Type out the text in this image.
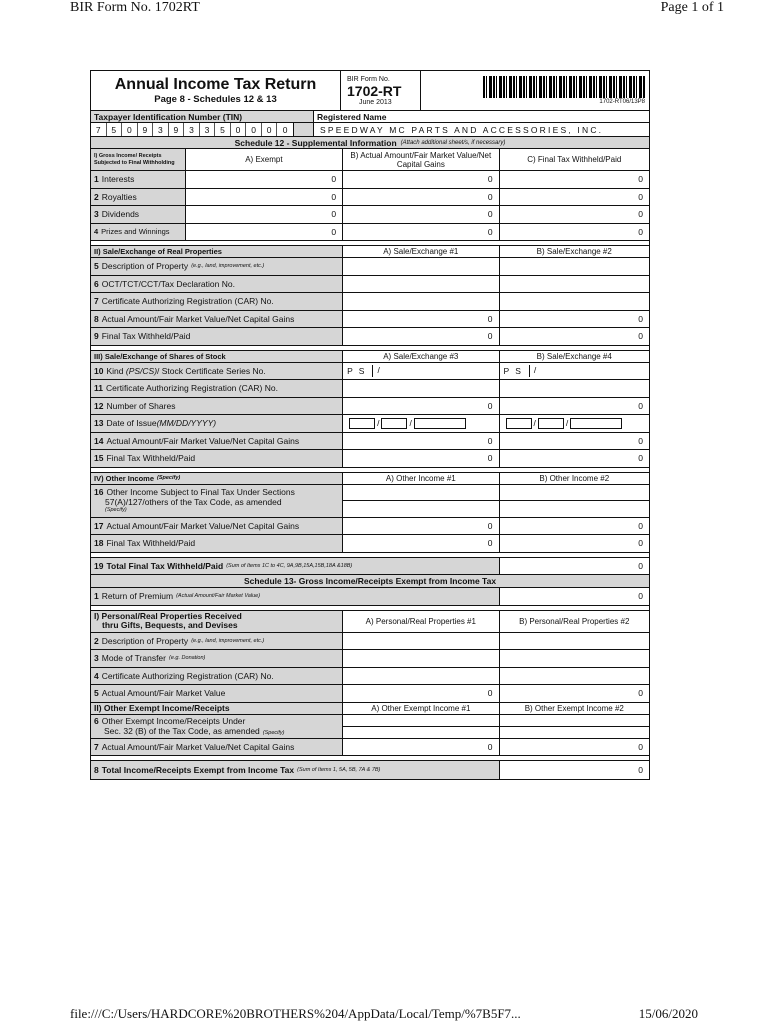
BIR Form No. 1702RT	Page 1 of 1
Annual Income Tax Return
Page 8 - Schedules 12 & 13
BIR Form No.
1702-RT
June 2013	1702-RT06/13P8
Taxpayer Identification Number (TIN)	Registered Name
7	5	0	9	3	9	3	3	5	0	0	0	0	SPEEDWAY MC PARTS AND ACCESSORIES, INC.
Schedule 12 - Supplemental Information (Attach additional sheet/s, if necessary)
I) Gross Income/ Receipts Subjected to Final Withholding	A) Exempt	B) Actual Amount/Fair Market Value/Net Capital Gains	C) Final Tax Withheld/Paid
1 Interests	0	0	0
2 Royalties	0	0	0
3 Dividends	0	0	0
4 Prizes and Winnings	0	0	0
II) Sale/Exchange of Real Properties	A) Sale/Exchange #1	B) Sale/Exchange #2
5 Description of Property (e.g., land, improvement, etc.)
6 OCT/TCT/CCT/Tax Declaration No.
7 Certificate Authorizing Registration (CAR) No.
8 Actual Amount/Fair Market Value/Net Capital Gains	0	0
9 Final Tax Withheld/Paid	0	0
III) Sale/Exchange of Shares of Stock	A) Sale/Exchange #3	B) Sale/Exchange #4
10 Kind
(PS/CS) / Stock Certificate Series No.	P S	/	P S	/
11 Certificate Authorizing Registration (CAR) No.
12 Number of Shares	0	0
13 Date of Issue (MM/DD/YYYY)	/	/	/	/
14 Actual Amount/Fair Market Value/Net Capital Gains	0	0
15 Final Tax Withheld/Paid	0	0
IV) Other Income (Specify)	A) Other Income #1	B) Other Income #2
16 Other Income Subject to Final Tax Under Sections
57(A)/127/others of the Tax Code, as amended
(Specify)
17 Actual Amount/Fair Market Value/Net Capital Gains	0	0
18 Final Tax Withheld/Paid	0	0
19 Total Final Tax Withheld/Paid (Sum of Items 1C to 4C, 9A,9B,15A,15B,18A &18B)	0
Schedule 13- Gross Income/Receipts Exempt from Income Tax
1 Return of Premium (Actual Amount/Fair Market Value)	0
I) Personal/Real Properties Received
thru Gifts, Bequests, and Devises	A) Personal/Real Properties #1	B) Personal/Real Properties #2
2 Description of Property (e.g., land, improvement, etc.)
3 Mode of Transfer (e.g. Donation)
4 Certificate Authorizing Registration (CAR) No.
5 Actual Amount/Fair Market Value	0	0
II) Other Exempt Income/Receipts	A) Other Exempt Income #1	B) Other Exempt Income #2
6 Other Exempt Income/Receipts Under
Sec. 32 (B) of the Tax Code, as amended (Specify)
7 Actual Amount/Fair Market Value/Net Capital Gains	0	0
8 Total Income/Receipts Exempt from Income Tax (Sum of Items 1, 5A, 5B, 7A & 7B)	0
file:///C:/Users/HARDCORE%20BROTHERS%204/AppData/Local/Temp/%7B5F7...	15/06/2020
